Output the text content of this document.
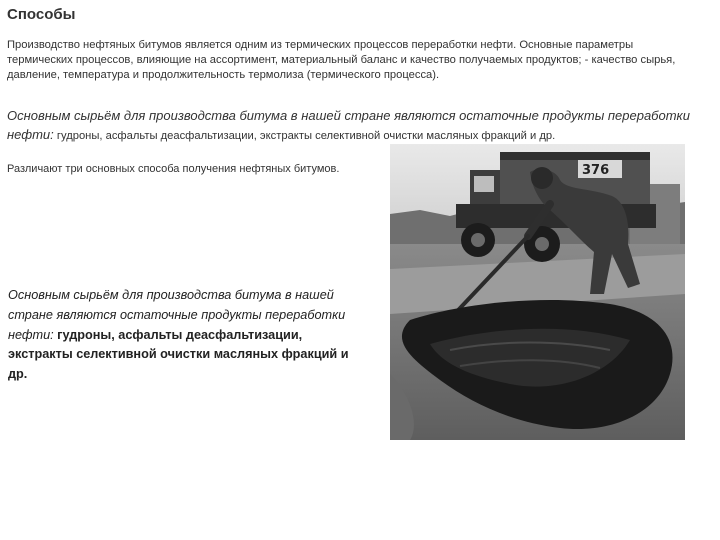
Способы
Производство нефтяных битумов является одним из термических процессов переработки нефти. Основные параметры термических процессов, влияющие на ассортимент, материальный баланс и качество получаемых продуктов; - качество сырья, давление, температура и продолжительность термолиза (термического процесса).
Основным сырьём для производства битума в нашей стране являются остаточные продукты переработки нефти: гудроны, асфальты деасфальтизации, экстракты селективной очистки масляных фракций и др.
Различают три основных способа получения нефтяных битумов.	376
Основным сырьём для производства битума в нашей стране являются остаточные продукты переработки нефти: гудроны, асфальты деасфальтизации, экстракты селективной очистки масляных фракций и др.
